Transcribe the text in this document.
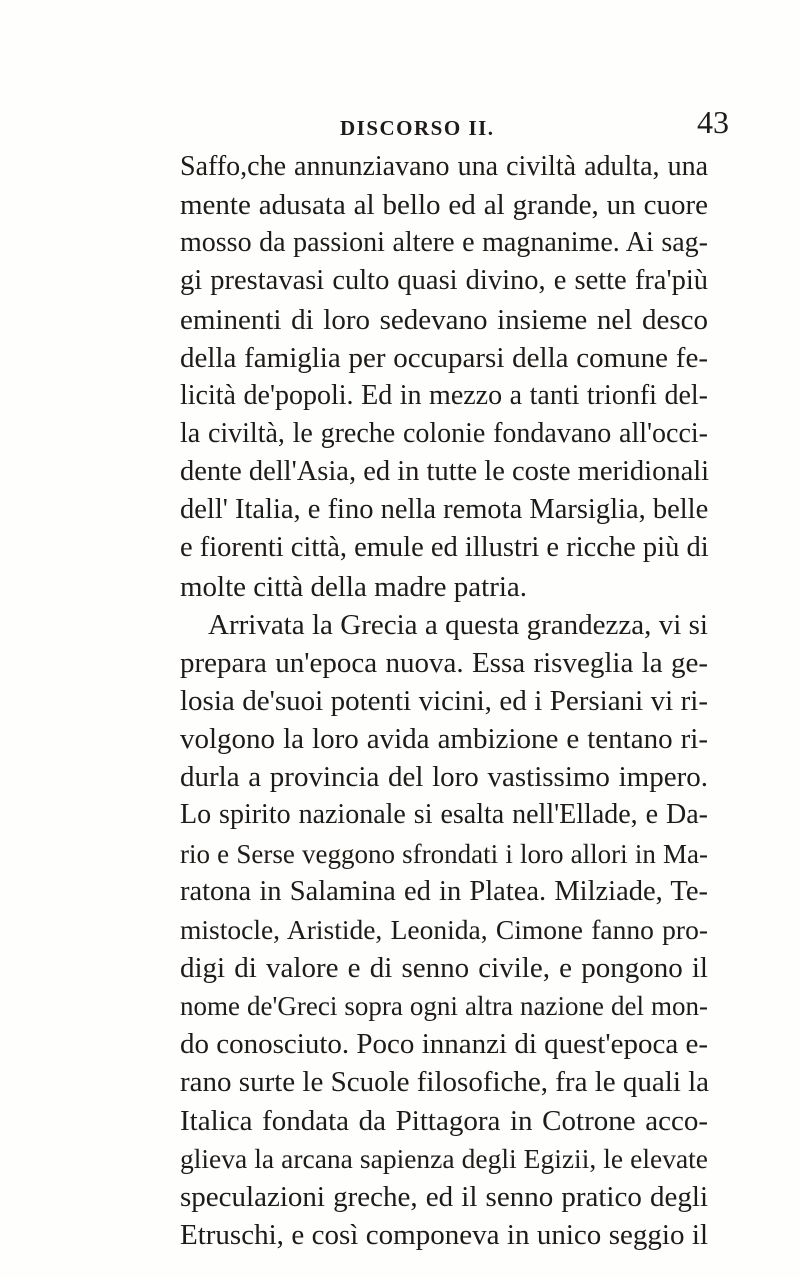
DISCORSO II.	43
Saffo,che annunziavano una civiltà adulta, una
mente adusata al bello ed al grande, un cuore
mosso da passioni altere e magnanime. Ai sag-
gi prestavasi culto quasi divino, e sette fra'più
eminenti di loro sedevano insieme nel desco
della famiglia per occuparsi della comune fe-
licità de'popoli. Ed in mezzo a tanti trionfi del-
la civiltà, le greche colonie fondavano all'occi-
dente dell'Asia, ed in tutte le coste meridionali
dell' Italia, e fino nella remota Marsiglia, belle
e fiorenti città, emule ed illustri e ricche più di
molte città della madre patria.
Arrivata la Grecia a questa grandezza, vi si
prepara un'epoca nuova. Essa risveglia la ge-
losia de'suoi potenti vicini, ed i Persiani vi ri-
volgono la loro avida ambizione e tentano ri-
durla a provincia del loro vastissimo impero.
Lo spirito nazionale si esalta nell'Ellade, e Da-
rio e Serse veggono sfrondati i loro allori in Ma-
ratona in Salamina ed in Platea. Milziade, Te-
mistocle, Aristide, Leonida, Cimone fanno pro-
digi di valore e di senno civile, e pongono il
nome de'Greci sopra ogni altra nazione del mon-
do conosciuto. Poco innanzi di quest'epoca e-
rano surte le Scuole filosofiche, fra le quali la
Italica fondata da Pittagora in Cotrone acco-
glieva la arcana sapienza degli Egizii, le elevate
speculazioni greche, ed il senno pratico degli
Etruschi, e così componeva in unico seggio il
